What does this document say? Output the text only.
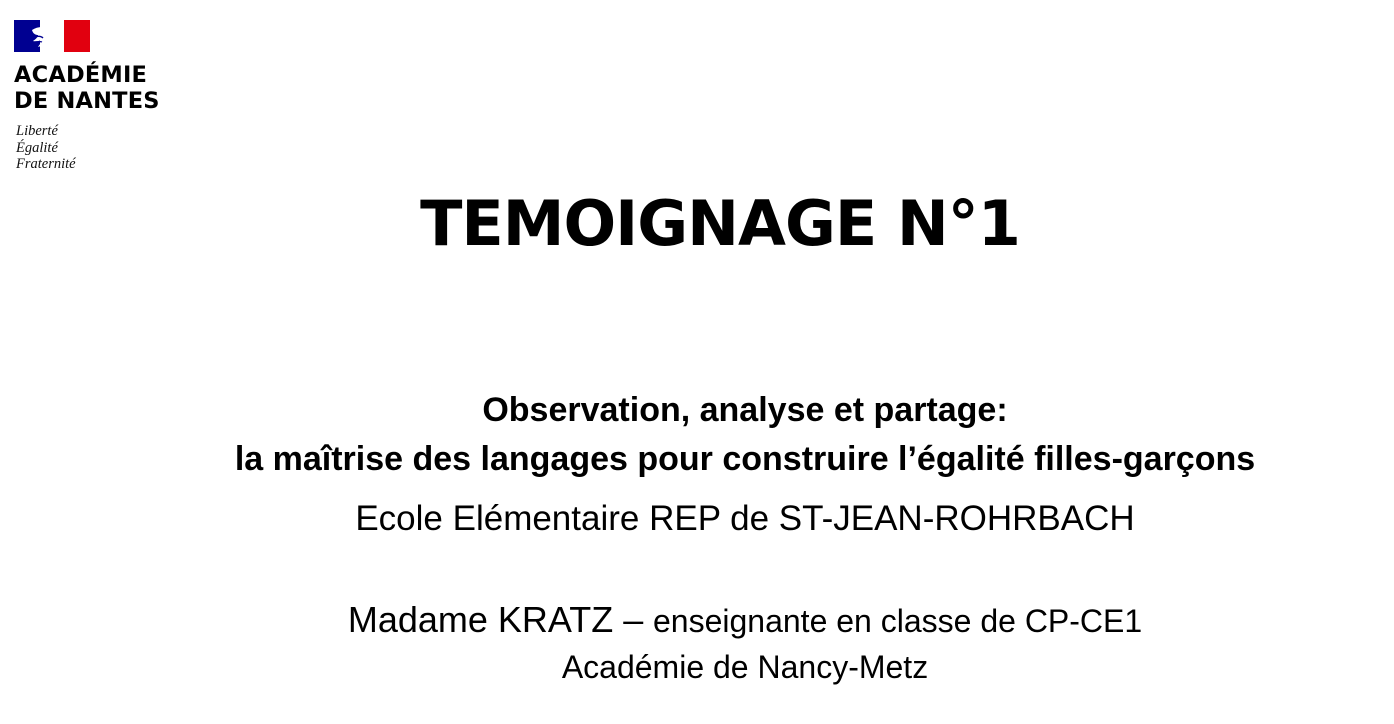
ACADÉMIE
DE NANTES
Liberté
Égalité
Fraternité
TEMOIGNAGE N°1
Observation, analyse et partage:
la maîtrise des langages pour construire l’égalité filles-garçons
Ecole Elémentaire REP de ST-JEAN-ROHRBACH
Madame KRATZ – enseignante en classe de CP-CE1
Académie de Nancy-Metz
